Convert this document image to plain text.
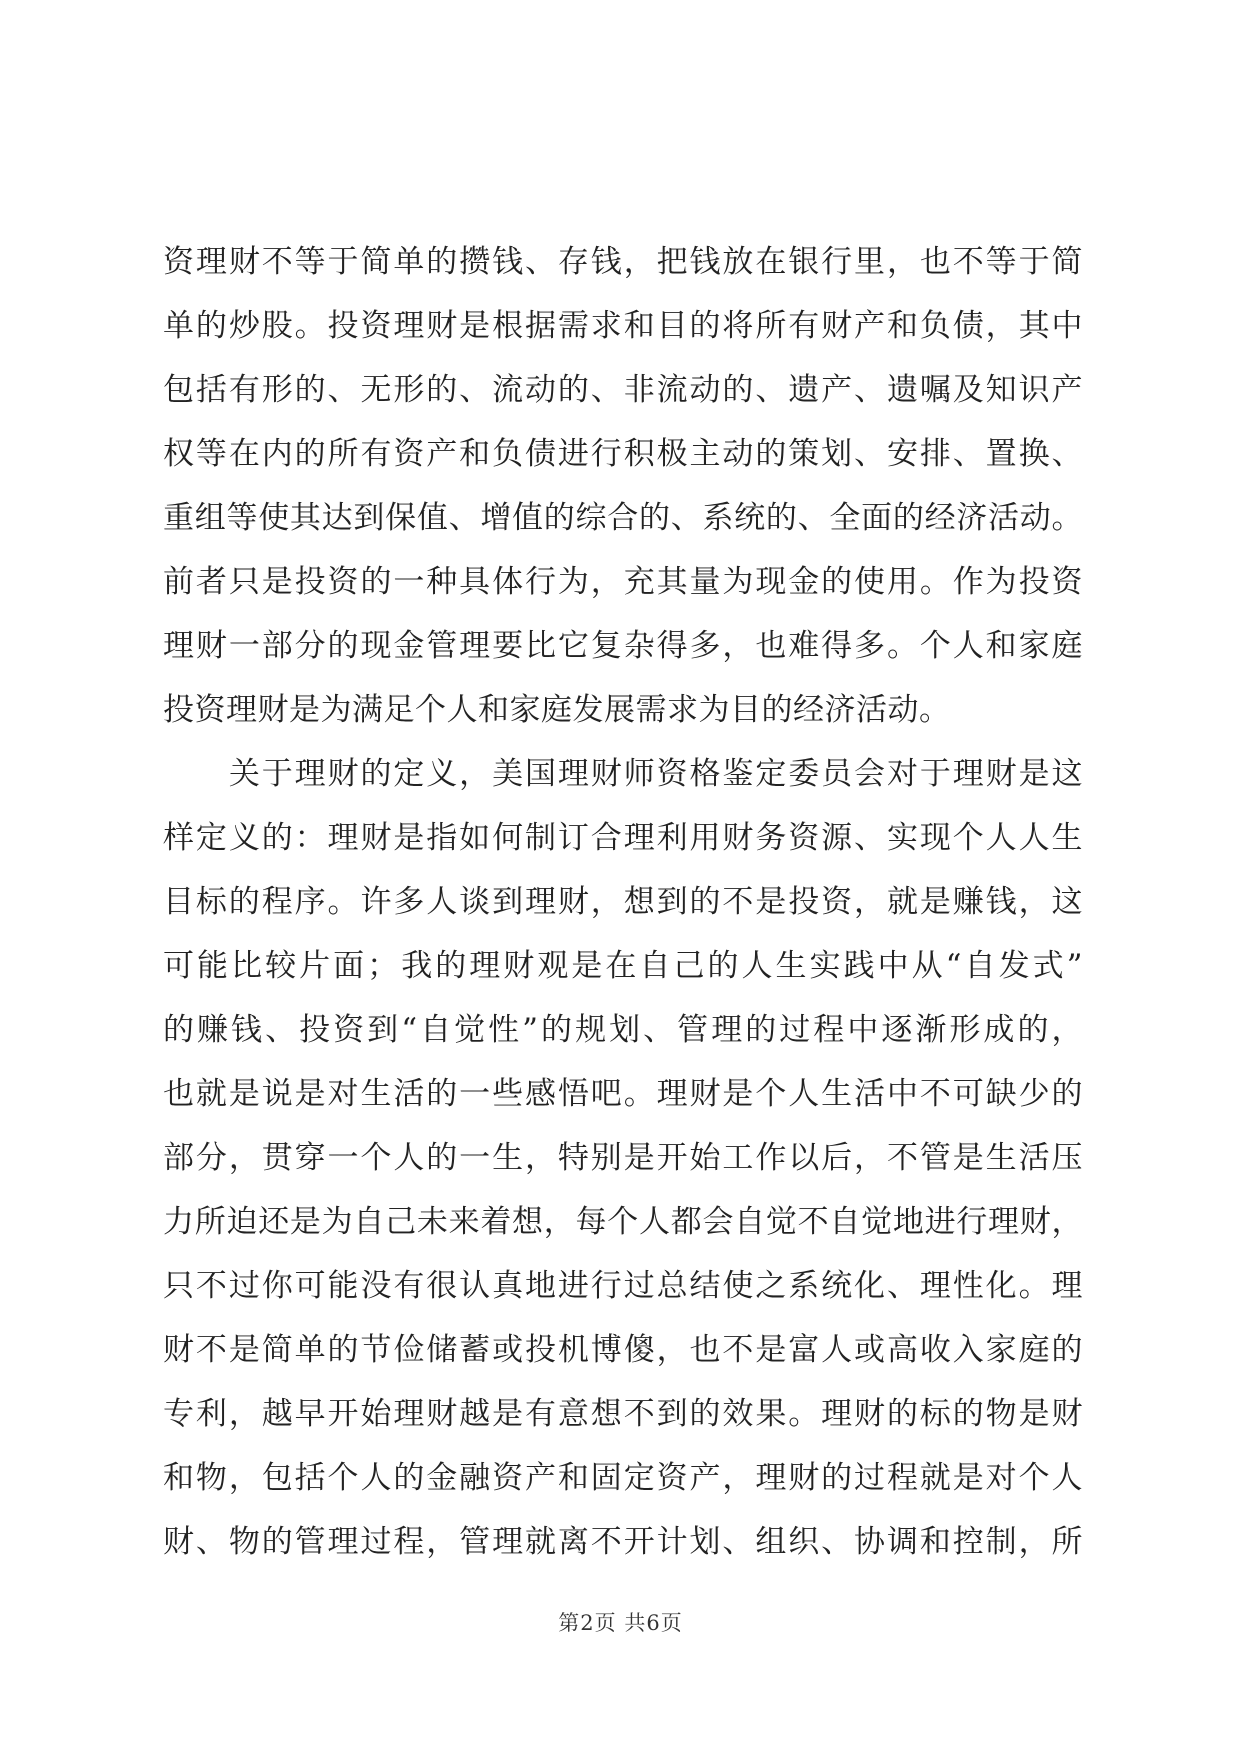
资理财不等于简单的攒钱、存钱，把钱放在银行里，也不等于简
单的炒股。投资理财是根据需求和目的将所有财产和负债，其中
包括有形的、无形的、流动的、非流动的、遗产、遗嘱及知识产
权等在内的所有资产和负债进行积极主动的策划、安排、置换、
重组等使其达到保值、增值的综合的、系统的、全面的经济活动。
前者只是投资的一种具体行为，充其量为现金的使用。作为投资
理财一部分的现金管理要比它复杂得多，也难得多。个人和家庭
投资理财是为满足个人和家庭发展需求为目的经济活动。
　　关于理财的定义，美国理财师资格鉴定委员会对于理财是这
样定义的：理财是指如何制订合理利用财务资源、实现个人人生
目标的程序。许多人谈到理财，想到的不是投资，就是赚钱，这
可能比较片面；我的理财观是在自己的人生实践中从“自发式”
的赚钱、投资到“自觉性”的规划、管理的过程中逐渐形成的，
也就是说是对生活的一些感悟吧。理财是个人生活中不可缺少的
部分，贯穿一个人的一生，特别是开始工作以后，不管是生活压
力所迫还是为自己未来着想，每个人都会自觉不自觉地进行理财，
只不过你可能没有很认真地进行过总结使之系统化、理性化。理
财不是简单的节俭储蓄或投机博傻，也不是富人或高收入家庭的
专利，越早开始理财越是有意想不到的效果。理财的标的物是财
和物，包括个人的金融资产和固定资产，理财的过程就是对个人
财、物的管理过程，管理就离不开计划、组织、协调和控制，所
第2页 共6页
